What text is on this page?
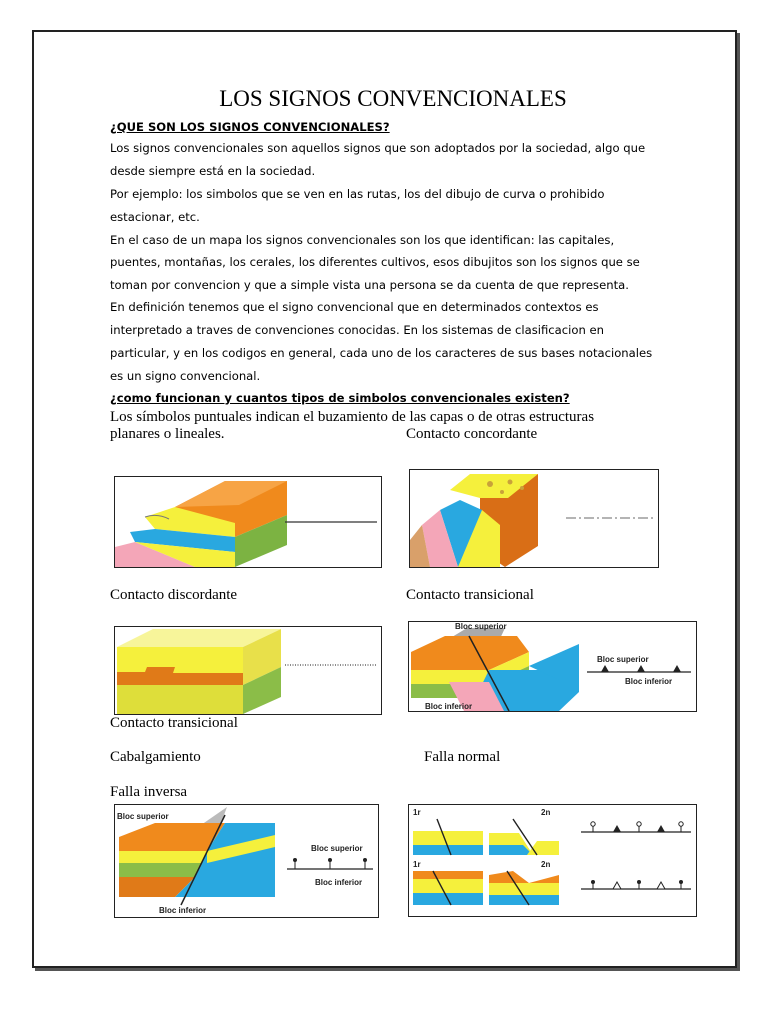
LOS SIGNOS CONVENCIONALES
¿QUE SON LOS SIGNOS CONVENCIONALES?
Los signos convencionales son aquellos signos que son adoptados por la sociedad, algo que
desde siempre está en la sociedad.
Por ejemplo: los simbolos que se ven en las rutas, los del dibujo de curva o prohibido
estacionar, etc.
En el caso de un mapa los signos convencionales son los que identifican: las capitales,
puentes, montañas, los cerales, los diferentes cultivos, esos dibujitos son los signos que se
toman por convencion y que a simple vista una persona se da cuenta de que representa.
En definición tenemos que el signo convencional que en determinados contextos es
interpretado a traves de convenciones conocidas. En los sistemas de clasificacion en
particular, y en los codigos en general, cada uno de los caracteres de sus bases notacionales
es un signo convencional.
¿como funcionan y cuantos tipos de simbolos convencionales existen?
Los símbolos puntuales indican el buzamiento de las capas o de otras estructuras
planares o lineales.	Contacto concordante
Contacto discordante	Contacto transicional
Bloc superior
Bloc inferior
Bloc superior
Bloc inferior
Contacto transicional
Cabalgamiento	Falla normal
Falla inversa
Bloc superior
Bloc inferior
Bloc superior
Bloc inferior
1r	2n
1r	2n
